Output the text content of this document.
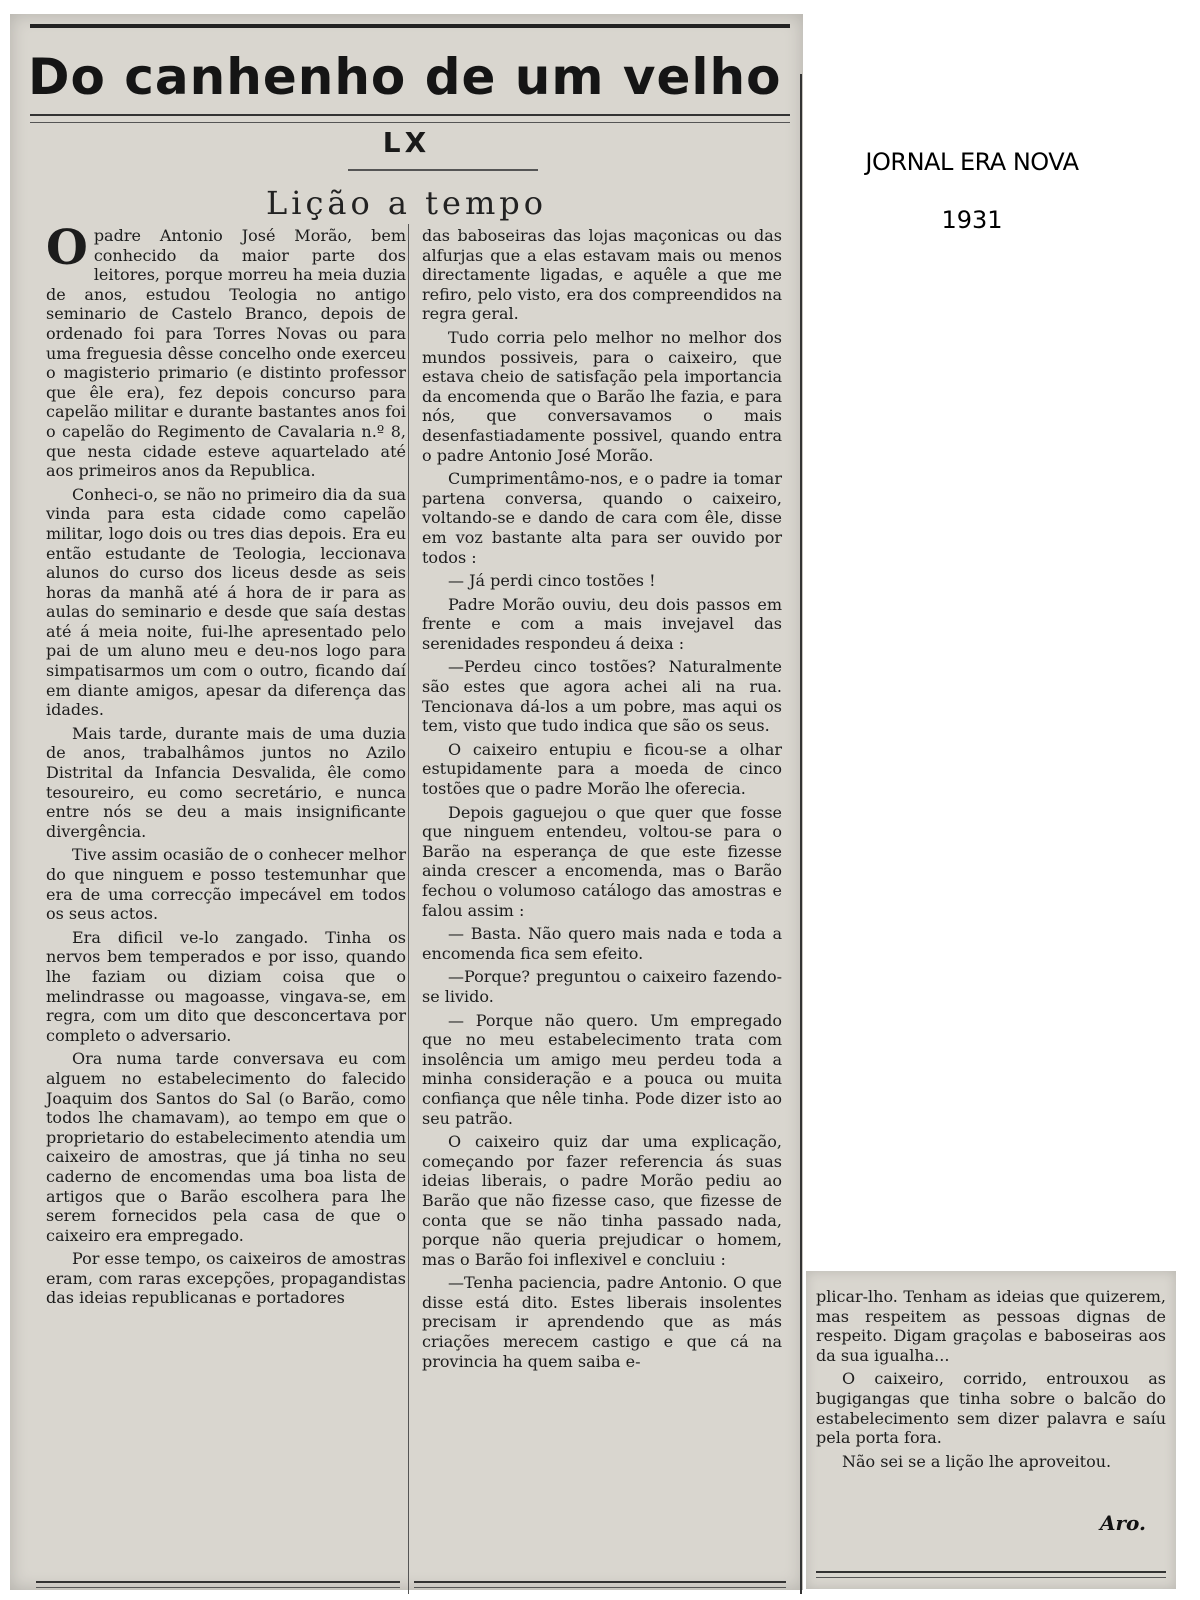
Do canhenho de um velho
LX
Lição a tempo

Opadre Antonio José Morão, bem conhecido da maior parte dos leitores, porque morreu ha meia duzia de anos, estudou Teologia no antigo seminario de Castelo Branco, depois de ordenado foi para Torres Novas ou para uma freguesia dêsse concelho onde exerceu o magisterio primario (e distinto professor que êle era), fez depois concurso para capelão militar e durante bastantes anos foi o capelão do Regimento de Cavalaria n.º 8, que nesta cidade esteve aquartelado até aos primeiros anos da Republica.

Conheci-o, se não no primeiro dia da sua vinda para esta cidade como capelão militar, logo dois ou tres dias depois. Era eu então estudante de Teologia, leccionava alunos do curso dos liceus desde as seis horas da manhã até á hora de ir para as aulas do seminario e desde que saía destas até á meia noite, fui-lhe apresentado pelo pai de um aluno meu e deu-nos logo para simpatisarmos um com o outro, ficando daí em diante amigos, apesar da diferença das idades.

Mais tarde, durante mais de uma duzia de anos, trabalhâmos juntos no Azilo Distrital da Infancia Desvalida, êle como tesoureiro, eu como secretário, e nunca entre nós se deu a mais insignificante divergência.

Tive assim ocasião de o conhecer melhor do que ninguem e posso testemunhar que era de uma correcção impecável em todos os seus actos.

Era dificil ve-lo zangado. Tinha os nervos bem temperados e por isso, quando lhe faziam ou diziam coisa que o melindrasse ou magoasse, vingava-se, em regra, com um dito que desconcertava por completo o adversario.

Ora numa tarde conversava eu com alguem no estabelecimento do falecido Joaquim dos Santos do Sal (o Barão, como todos lhe chamavam), ao tempo em que o proprietario do estabelecimento atendia um caixeiro de amostras, que já tinha no seu caderno de encomendas uma boa lista de artigos que o Barão escolhera para lhe serem fornecidos pela casa de que o caixeiro era empregado.

Por esse tempo, os caixeiros de amostras eram, com raras excepções, propagandistas das ideias republicanas e portadores

das baboseiras das lojas maçonicas ou das alfurjas que a elas estavam mais ou menos directamente ligadas, e aquêle a que me refiro, pelo visto, era dos compreendidos na regra geral.

Tudo corria pelo melhor no melhor dos mundos possiveis, para o caixeiro, que estava cheio de satisfação pela importancia da encomenda que o Barão lhe fazia, e para nós, que conversavamos o mais desenfastiadamente possivel, quando entra o padre Antonio José Morão.

Cumprimentâmo-nos, e o padre ia tomar partena conversa, quando o caixeiro, voltando-se e dando de cara com êle, disse em voz bastante alta para ser ouvido por todos :

— Já perdi cinco tostões !

Padre Morão ouviu, deu dois passos em frente e com a mais invejavel das serenidades respondeu á deixa :

—Perdeu cinco tostões? Naturalmente são estes que agora achei ali na rua. Tencionava dá-los a um pobre, mas aqui os tem, visto que tudo indica que são os seus.

O caixeiro entupiu e ficou-se a olhar estupidamente para a moeda de cinco tostões que o padre Morão lhe oferecia.

Depois gaguejou o que quer que fosse que ninguem entendeu, voltou-se para o Barão na esperança de que este fizesse ainda crescer a encomenda, mas o Barão fechou o volumoso catálogo das amostras e falou assim :

— Basta. Não quero mais nada e toda a encomenda fica sem efeito.

—Porque? preguntou o caixeiro fazendo-se livido.

— Porque não quero. Um empregado que no meu estabelecimento trata com insolência um amigo meu perdeu toda a minha consideração e a pouca ou muita confiança que nêle tinha. Pode dizer isto ao seu patrão.

O caixeiro quiz dar uma explicação, começando por fazer referencia ás suas ideias liberais, o padre Morão pediu ao Barão que não fizesse caso, que fizesse de conta que se não tinha passado nada, porque não queria prejudicar o homem, mas o Barão foi inflexivel e concluiu :

—Tenha paciencia, padre Antonio. O que disse está dito. Estes liberais insolentes precisam ir aprendendo que as más criações merecem castigo e que cá na provincia ha quem saiba e-

JORNAL ERA NOVA
1931

plicar-lho. Tenham as ideias que quizerem, mas respeitem as pessoas dignas de respeito. Digam graçolas e baboseiras aos da sua igualha...

O caixeiro, corrido, entrouxou as bugigangas que tinha sobre o balcão do estabelecimento sem dizer palavra e saíu pela porta fora.

Não sei se a lição lhe aproveitou.

Aro.
